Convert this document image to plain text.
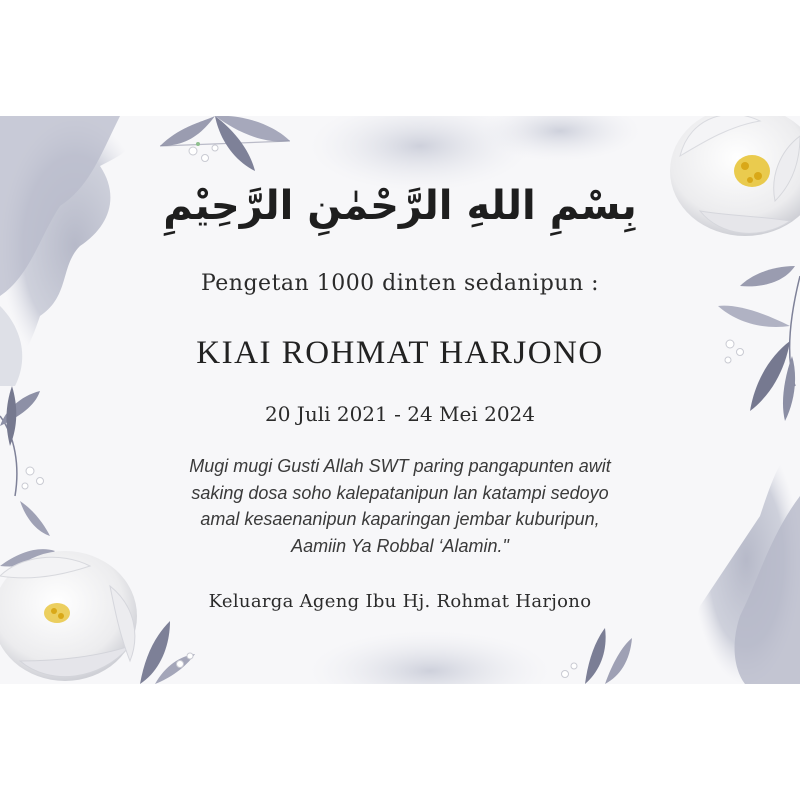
بِسْمِ اللهِ الرَّحْمٰنِ الرَّحِيْمِ

Pengetan 1000 dinten sedanipun :

KIAI ROHMAT HARJONO

20 Juli 2021 - 24 Mei 2024

Mugi mugi Gusti Allah SWT paring pangapunten awit
saking dosa soho kalepatanipun lan katampi sedoyo
amal kesaenanipun kaparingan jembar kuburipun,
Aamiin Ya Robbal ‘Alamin."

Keluarga Ageng Ibu Hj. Rohmat Harjono
